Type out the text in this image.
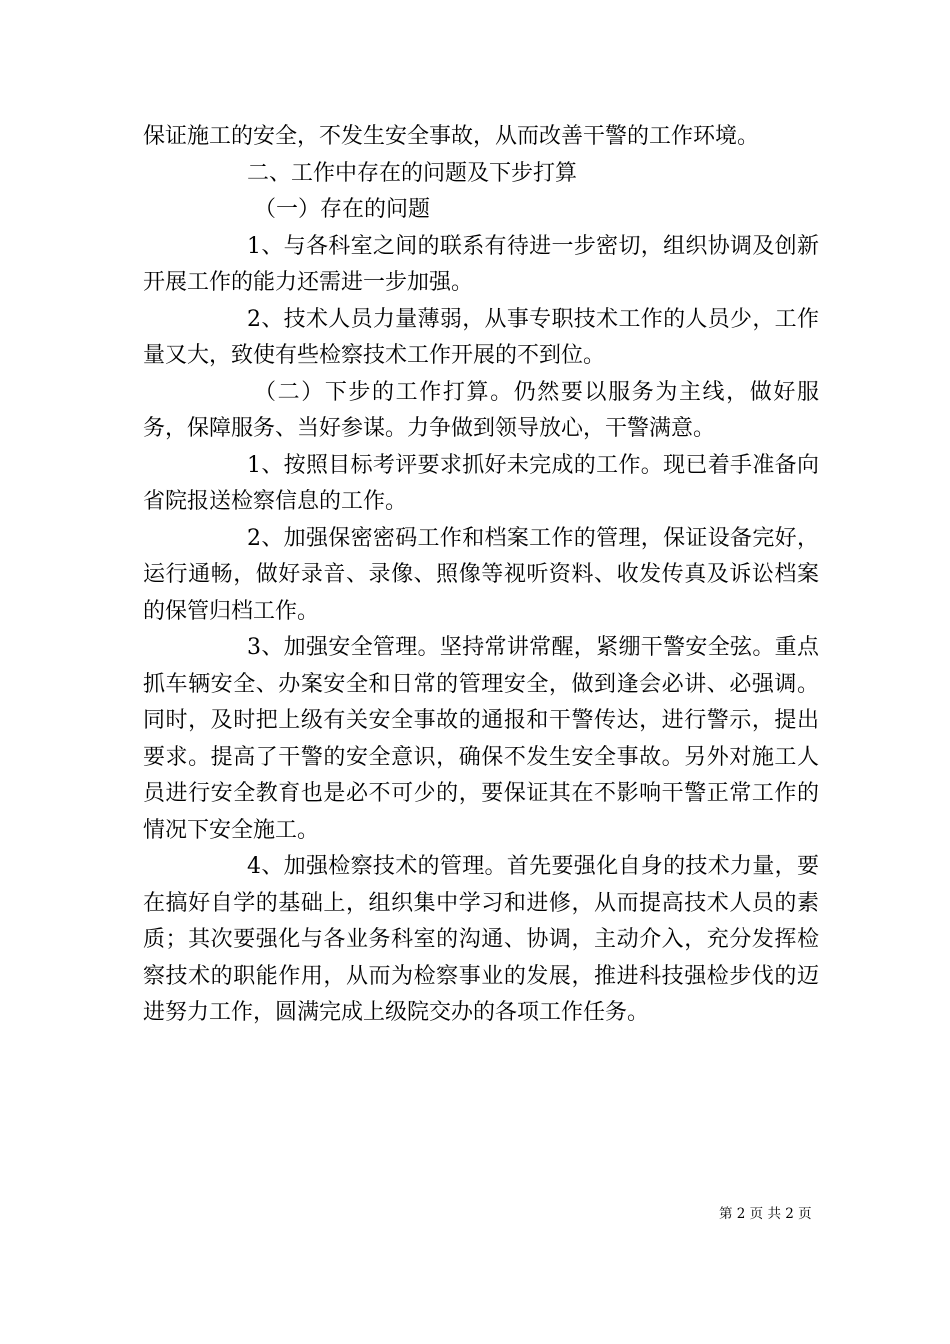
保证施工的安全，不发生安全事故，从而改善干警的工作环境。

二、工作中存在的问题及下步打算

（一）存在的问题

1、与各科室之间的联系有待进一步密切，组织协调及创新开展工作的能力还需进一步加强。

2、技术人员力量薄弱，从事专职技术工作的人员少，工作量又大，致使有些检察技术工作开展的不到位。

（二）下步的工作打算。仍然要以服务为主线，做好服务，保障服务、当好参谋。力争做到领导放心，干警满意。

1、按照目标考评要求抓好未完成的工作。现已着手准备向省院报送检察信息的工作。

2、加强保密密码工作和档案工作的管理，保证设备完好，运行通畅，做好录音、录像、照像等视听资料、收发传真及诉讼档案的保管归档工作。

3、加强安全管理。坚持常讲常醒，紧绷干警安全弦。重点抓车辆安全、办案安全和日常的管理安全，做到逢会必讲、必强调。同时，及时把上级有关安全事故的通报和干警传达，进行警示，提出要求。提高了干警的安全意识，确保不发生安全事故。另外对施工人员进行安全教育也是必不可少的，要保证其在不影响干警正常工作的情况下安全施工。

4、加强检察技术的管理。首先要强化自身的技术力量，要在搞好自学的基础上，组织集中学习和进修，从而提高技术人员的素质；其次要强化与各业务科室的沟通、协调，主动介入，充分发挥检察技术的职能作用，从而为检察事业的发展，推进科技强检步伐的迈进努力工作，圆满完成上级院交办的各项工作任务。

第 2 页 共 2 页
